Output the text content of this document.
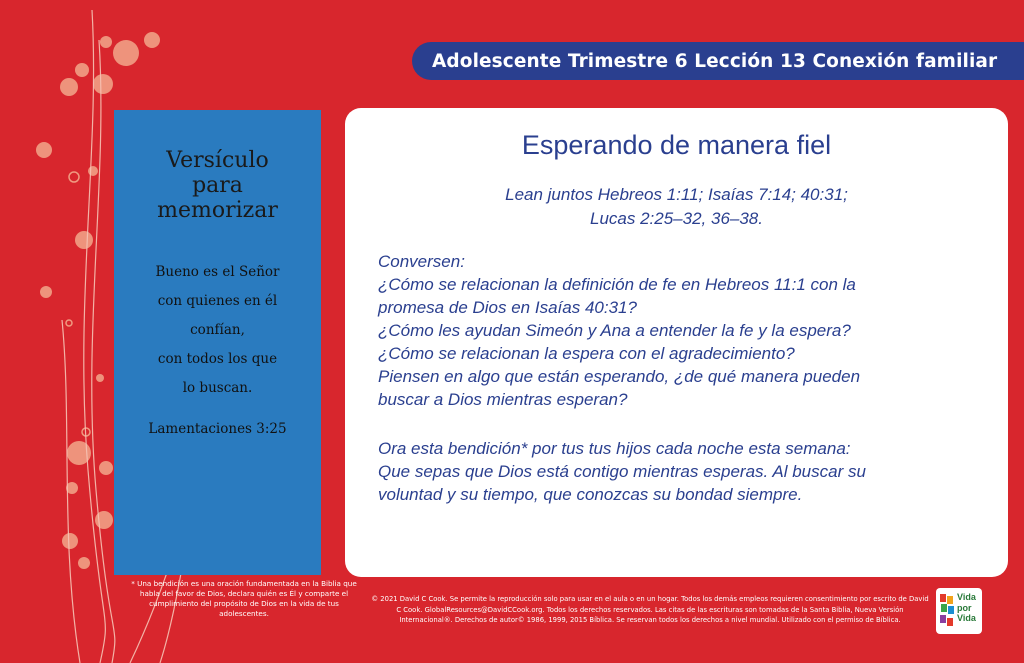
Adolescente Trimestre 6 Lección 13 Conexión familiar
Versículo
para
memorizar
Bueno es el Señor
con quienes en él
confían,
con todos los que
lo buscan.
Lamentaciones 3:25
* Una bendición es una oración fundamentada en la Biblia que habla del favor de Dios, declara quién es Él y comparte el cumplimiento del propósito de Dios en la vida de tus adolescentes.
Esperando de manera fiel
Lean juntos Hebreos 1:11; Isaías 7:14; 40:31;
Lucas 2:25–32, 36–38.
Conversen:
¿Cómo se relacionan la definición de fe en Hebreos 11:1 con la
promesa de Dios en Isaías 40:31?
¿Cómo les ayudan Simeón y Ana a entender la fe y la espera?
¿Cómo se relacionan la espera con el agradecimiento?
Piensen en algo que están esperando, ¿de qué manera pueden
buscar a Dios mientras esperan?
Ora esta bendición* por tus tus hijos cada noche esta semana:
Que sepas que Dios está contigo mientras esperas. Al buscar su
voluntad y su tiempo, que conozcas su bondad siempre.
© 2021 David C Cook. Se permite la reproducción solo para usar en el aula o en un hogar. Todos los demás empleos requieren consentimiento por escrito de David C Cook. GlobalResources@DavidCCook.org. Todos los derechos reservados. Las citas de las escrituras son tomadas de la Santa Biblia, Nueva Versión Internacional®. Derechos de autor© 1986, 1999, 2015 Bíblica. Se reservan todos los derechos a nivel mundial. Utilizado con el permiso de Bíblica.
Vida
por
Vida
